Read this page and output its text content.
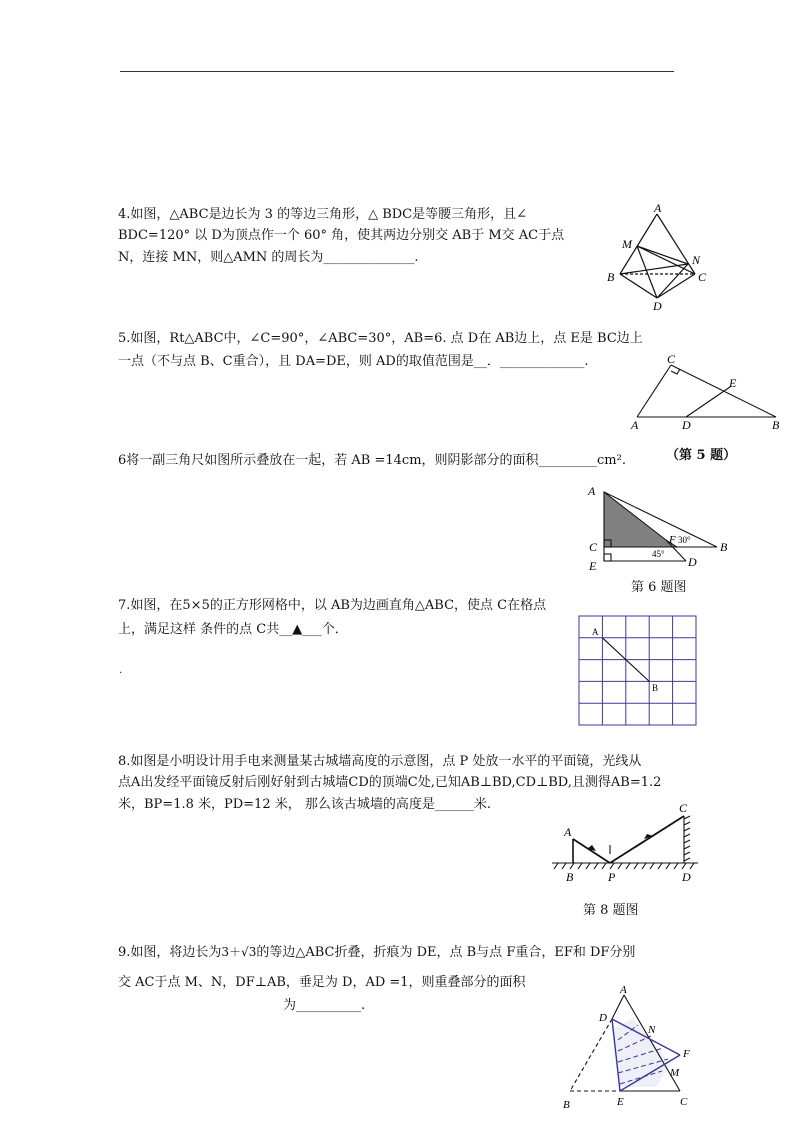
4.如图，△ABC是边长为 3 的等边三角形，△ BDC是等腰三角形，且∠
BDC=120° 以 D为顶点作一个 60° 角，使其两边分别交 AB于 M交 AC于点
N，连接 MN，则△AMN 的周长为______________.
A
M
N
B	C
D
5.如图，Rt△ABC中，∠C=90°，∠ABC=30°，AB=6. 点 D在 AB边上，点 E是 BC边上
一点（不与点 B、C重合），且 DA=DE，则 AD的取值范围是__．_____________.	C
E
A	D	B
6将一副三角尺如图所示叠放在一起，若 AB =14cm，则阴影部分的面积_________cm².	（第 5 题）
A
C
E
F 30°
45°	B
D
第 6 题图
7.如图，在5×5的正方形网格中，以 AB为边画直角△ABC，使点 C在格点
上，满足这样 条件的点 C共__▲___个．
.
A
B
8.如图是小明设计用手电来测量某古城墙高度的示意图，点 P 处放一水平的平面镜，光线从
点A出发经平面镜反射后刚好射到古城墙CD的顶端C处,已知AB⊥BD,CD⊥BD,且测得AB=1.2
米，BP=1.8 米，PD=12 米， 那么该古城墙的高度是______米.
A
C
B	P	D
第 8 题图
9.如图，将边长为3＋√3的等边△ABC折叠，折痕为 DE，点 B与点 F重合，EF和 DF分别
交 AC于点 M、N，DF⊥AB，垂足为 D，AD =1，则重叠部分的面积
为__________.
A
D
N
F
M
B	E	C
